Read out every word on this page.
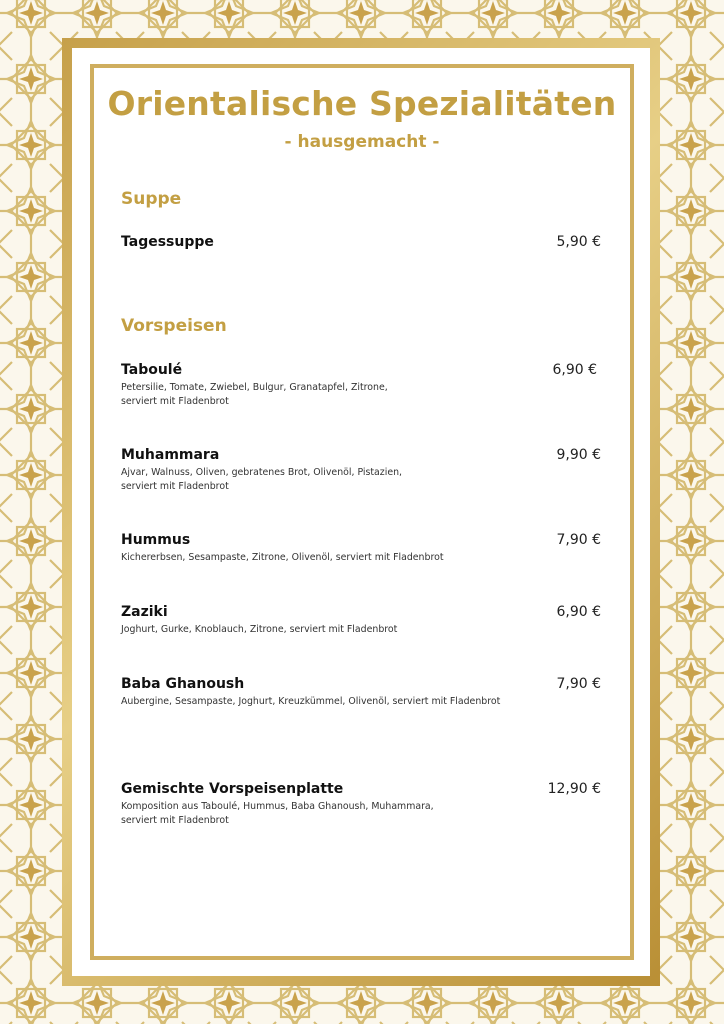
Orientalische Spezialitäten
- hausgemacht -
Suppe
Tagessuppe	5,90 €
Vorspeisen
Taboulé	6,90 €
Petersilie, Tomate, Zwiebel, Bulgur, Granatapfel, Zitrone,
serviert mit Fladenbrot
Muhammara	9,90 €
Ajvar, Walnuss, Oliven, gebratenes Brot, Olivenöl, Pistazien,
serviert mit Fladenbrot
Hummus	7,90 €
Kichererbsen, Sesampaste, Zitrone, Olivenöl, serviert mit Fladenbrot
Zaziki	6,90 €
Joghurt, Gurke, Knoblauch, Zitrone, serviert mit Fladenbrot
Baba Ghanoush	7,90 €
Aubergine, Sesampaste, Joghurt, Kreuzkümmel, Olivenöl, serviert mit Fladenbrot
Gemischte Vorspeisenplatte	12,90 €
Komposition aus Taboulé, Hummus, Baba Ghanoush, Muhammara,
serviert mit Fladenbrot
